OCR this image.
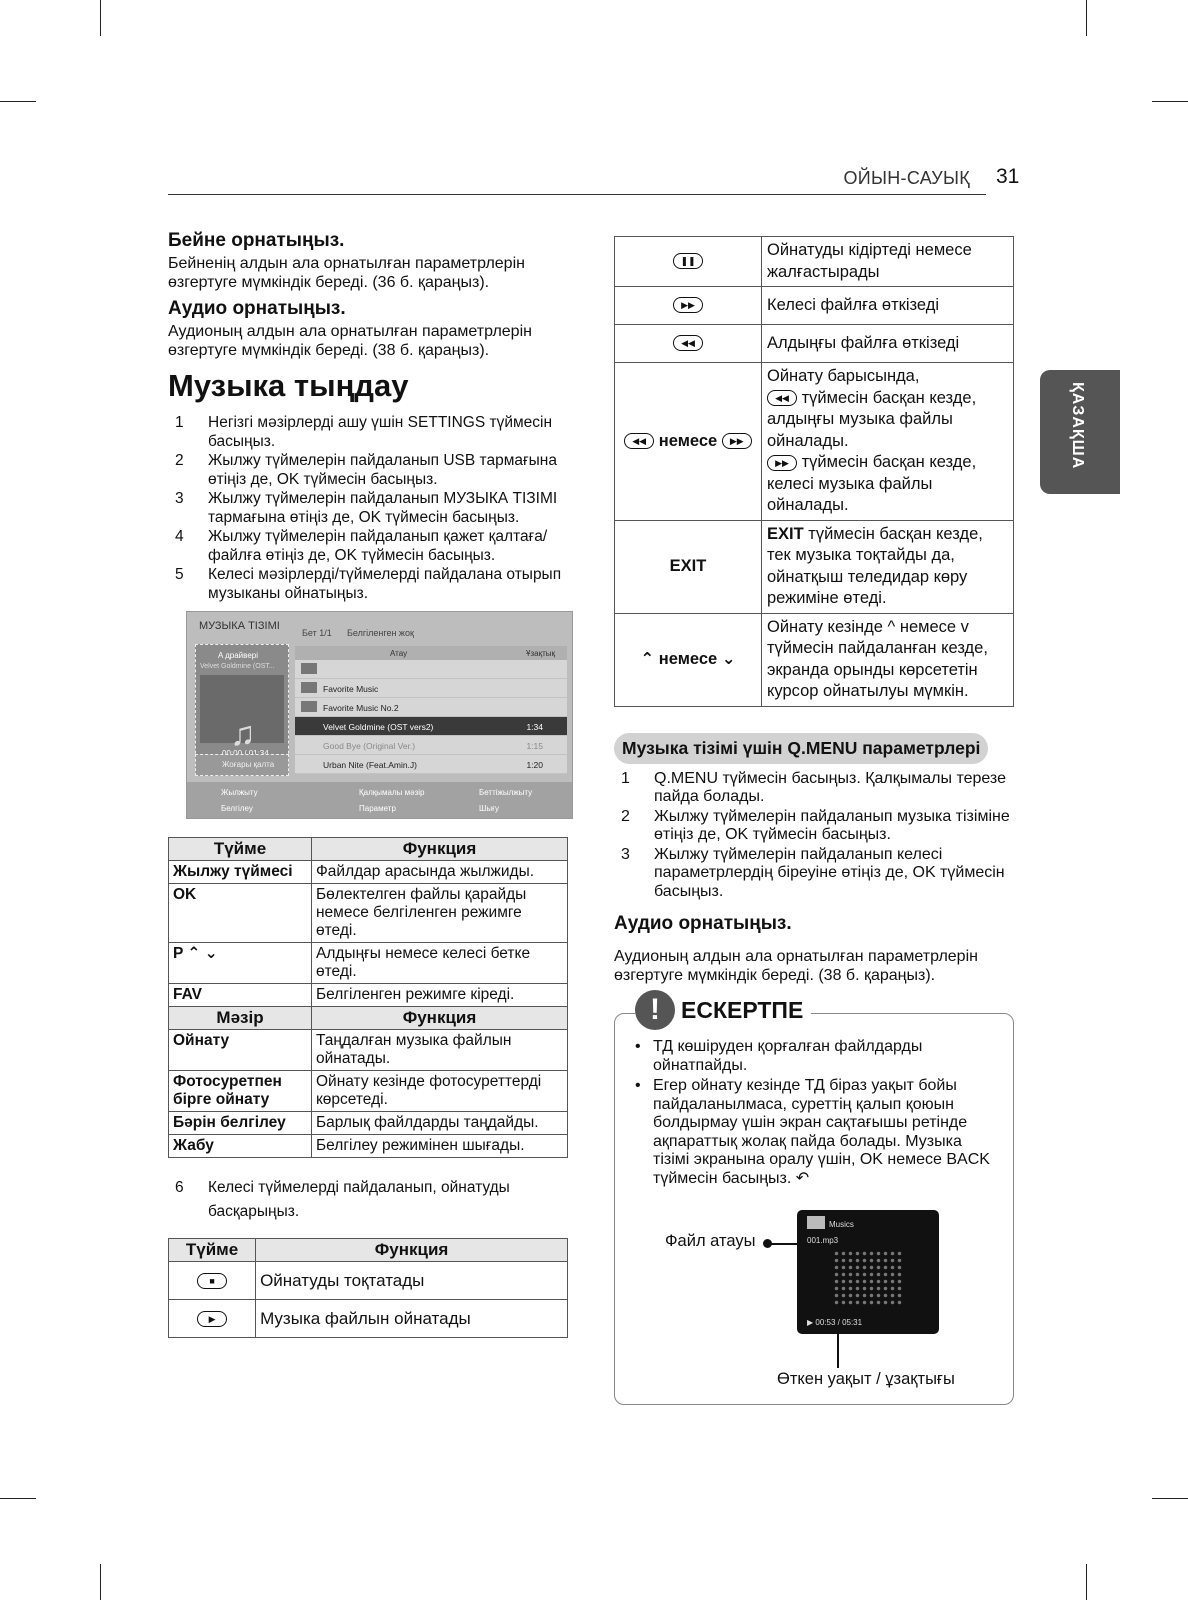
ОЙЫН-САУЫҚ 31
ҚАЗАҚША
Бейне орнатыңыз.

Бейненің алдын ала орнатылған параметрлерін өзгертуге мүмкіндік береді. (36 б. қараңыз).

Аудио орнатыңыз.

Аудионың алдын ала орнатылған параметрлерін өзгертуге мүмкіндік береді. (38 б. қараңыз).

Музыка тыңдау
1 Негізгі мәзірлерді ашу үшін SETTINGS түймесін басыңыз.
2 Жылжу түймелерін пайдаланып USB тармағына өтіңіз де, OK түймесін басыңыз.
3 Жылжу түймелерін пайдаланып МУЗЫКА ТІЗІМІ тармағына өтіңіз де, OK түймесін басыңыз.
4 Жылжу түймелерін пайдаланып қажет қалтаға/файлға өтіңіз де, OK түймесін басыңыз.
5 Келесі мәзірлерді/түймелерді пайдалана отырып музыканы ойнатыңыз.
МУЗЫКА ТІЗІМІ
Бет 1/1 Белгіленген жоқ
A драйвері
Velvet Goldmine (OST...
♫
Жоғары қалта
Атау	Ұзақтық
Favorite Music
Favorite Music No.2
Velvet Goldmine (OST vers2)	1:34
Good Bye (Original Ver.)	1:15
Urban Nite (Feat.Amin.J)	1:20
Жылжыту	Қалқымалы мәзір	Беттіжылжыту
Белгілеу	Параметр	Шығу
Түйме	Функция
Жылжу түймесі	Файлдар арасында жылжиды.
OK	Бөлектелген файлы қарайды немесе белгіленген режимге өтеді.
P ⌃ ⌄	Алдыңғы немесе келесі бетке өтеді.
FAV	Белгіленген режимге кіреді.
Мәзір	Функция
Ойнату	Таңдалған музыка файлын ойнатады.
Фотосуретпен бірге ойнату	Ойнату кезінде фотосуреттерді көрсетеді.
Бәрін белгілеу	Барлық файлдарды таңдайды.
Жабу	Белгілеу режимінен шығады.
6 Келесі түймелерді пайдаланып, ойнатуды басқарыңыз.
Түйме	Функция
■	Ойнатуды тоқтатады
▶	Музыка файлын ойнатады
❚❚	Ойнатуды кідіртеді немесе жалғастырады
▶▶	Келесі файлға өткізеді
◀◀	Алдыңғы файлға өткізеді
◀◀ немесе ▶▶	Ойнату барысында,
◀◀ түймесін басқан кезде, алдыңғы музыка файлы ойналады.
▶▶ түймесін басқан кезде, келесі музыка файлы ойналады.
EXIT	EXIT түймесін басқан кезде, тек музыка тоқтайды да, ойнатқыш теледидар көру режиміне өтеді.
⌃ немесе ⌄	Ойнату кезінде ^ немесе v түймесін пайдаланған кезде, экранда орынды көрсететін курсор ойнатылуы мүмкін.
Музыка тізімі үшін Q.MENU параметрлері
1 Q.MENU түймесін басыңыз. Қалқымалы терезе пайда болады.
2 Жылжу түймелерін пайдаланып музыка тізіміне өтіңіз де, OK түймесін басыңыз.
3 Жылжу түймелерін пайдаланып келесі параметрлердің біреуіне өтіңіз де, OK түймесін басыңыз.
Аудио орнатыңыз.

Аудионың алдын ала орнатылған параметрлерін өзгертуге мүмкіндік береді. (38 б. қараңыз).

! ЕСКЕРТПЕ
• ТД көшіруден қорғалған файлдарды ойнатпайды.
• Егер ойнату кезінде ТД біраз уақыт бойы пайдаланылмаса, суреттің қалып қоюын болдырмау үшін экран сақтағышы ретінде ақпараттық жолақ пайда болады. Музыка тізімі экранына оралу үшін, OK немесе BACK түймесін басыңыз. ↶
Файл атауы
Musics
001.mp3
▶ 00:53 / 05:31
Өткен уақыт / ұзақтығы
